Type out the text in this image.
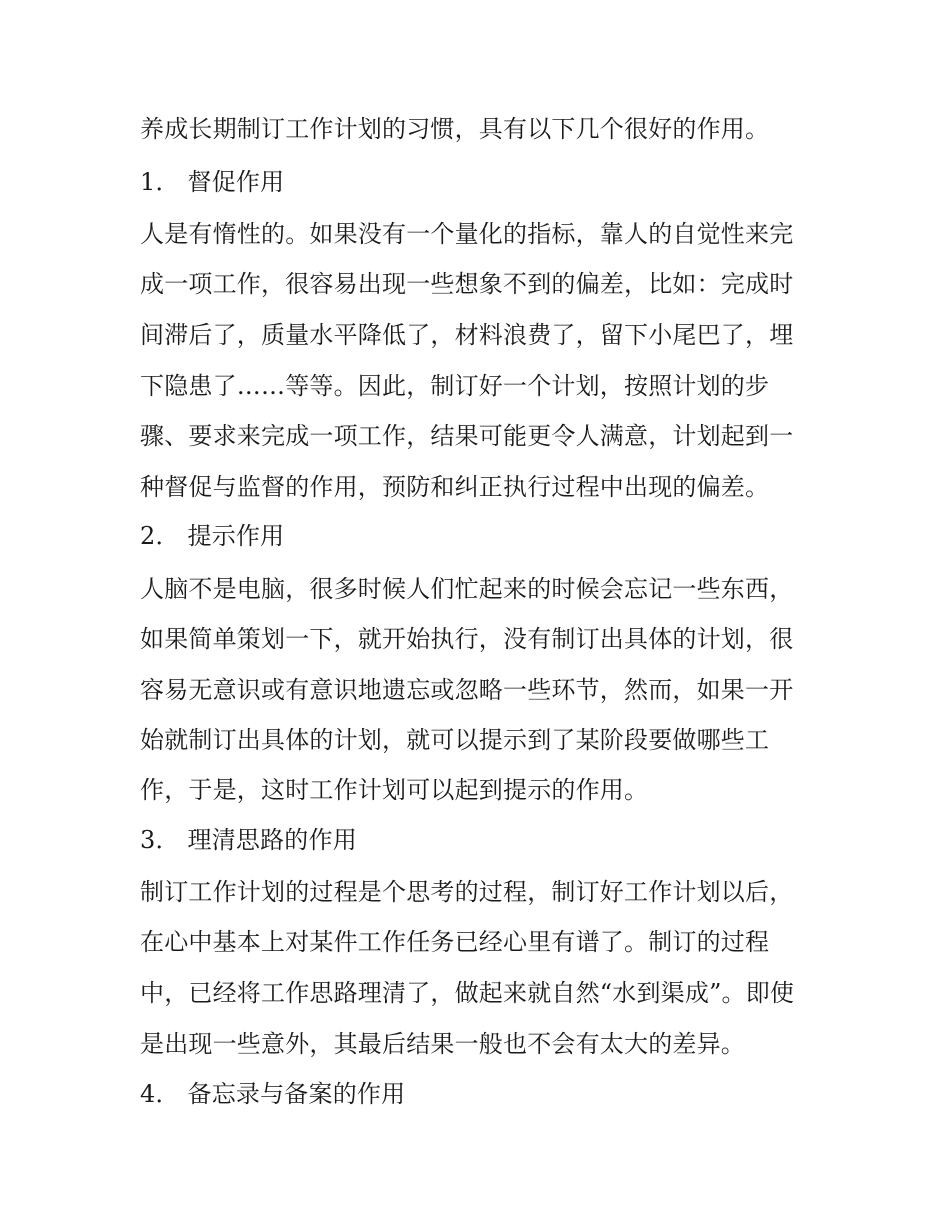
养成长期制订工作计划的习惯，具有以下几个很好的作用。
1． 督促作用
人是有惰性的。如果没有一个量化的指标，靠人的自觉性来完
成一项工作，很容易出现一些想象不到的偏差，比如：完成时
间滞后了，质量水平降低了，材料浪费了，留下小尾巴了，埋
下隐患了……等等。因此，制订好一个计划，按照计划的步
骤、要求来完成一项工作，结果可能更令人满意，计划起到一
种督促与监督的作用，预防和纠正执行过程中出现的偏差。
2． 提示作用
人脑不是电脑，很多时候人们忙起来的时候会忘记一些东西，
如果简单策划一下，就开始执行，没有制订出具体的计划，很
容易无意识或有意识地遗忘或忽略一些环节，然而，如果一开
始就制订出具体的计划，就可以提示到了某阶段要做哪些工
作，于是，这时工作计划可以起到提示的作用。
3． 理清思路的作用
制订工作计划的过程是个思考的过程，制订好工作计划以后，
在心中基本上对某件工作任务已经心里有谱了。制订的过程
中，已经将工作思路理清了，做起来就自然“水到渠成”。即使
是出现一些意外，其最后结果一般也不会有太大的差异。
4． 备忘录与备案的作用
